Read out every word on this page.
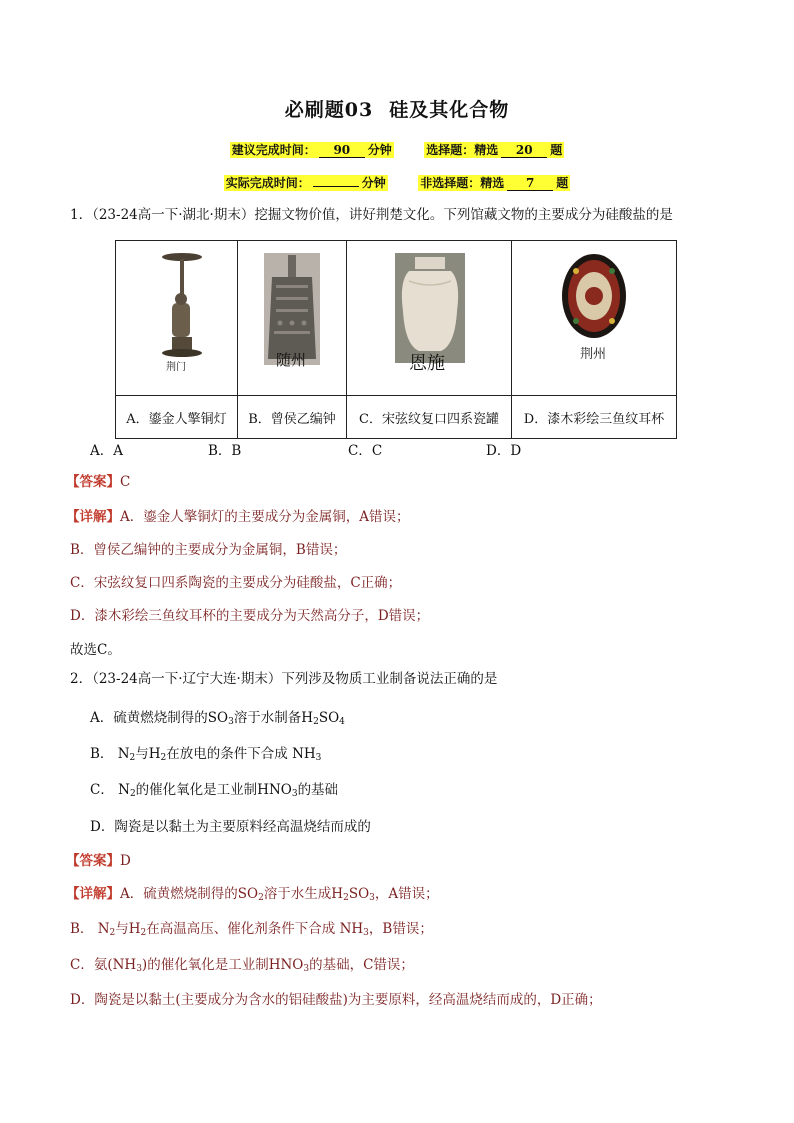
必刷题03 硅及其化合物
建议完成时间： 90 分钟	选择题：精选 20 题
实际完成时间：	分钟	非选择题：精选 7 题
1．（23-24高一下·湖北·期末）挖掘文物价值，讲好荆楚文化。下列馆藏文物的主要成分为硅酸盐的是
荆门	随州	恩施	荆州

A．鎏金人擎铜灯	B．曾侯乙编钟	C．宋弦纹复口四系瓷罐	D．漆木彩绘三鱼纹耳杯
A．A	B．B	C．C	D．D
【答案】C
【详解】A．鎏金人擎铜灯的主要成分为金属铜，A错误；
B．曾侯乙编钟的主要成分为金属铜，B错误；
C．宋弦纹复口四系陶瓷的主要成分为硅酸盐，C正确；
D．漆木彩绘三鱼纹耳杯的主要成分为天然高分子，D错误；
故选C。
2．（23-24高一下·辽宁大连·期末）下列涉及物质工业制备说法正确的是
A．硫黄燃烧制得的$SO_3$溶于水制备$H_2SO_4$
B． $N_2$与$H_2$在放电的条件下合成 $NH_3$
C． $N_2$的催化氧化是工业制$HNO_3$的基础
D．陶瓷是以黏土为主要原料经高温烧结而成的
【答案】D
【详解】A．硫黄燃烧制得的$SO_2$溶于水生成$H_2SO_3$，A错误；
B． $N_2$与$H_2$在高温高压、催化剂条件下合成 $NH_3$，B错误；
C．氨$(NH_3)$的催化氧化是工业制$HNO_3$的基础，C错误；
D．陶瓷是以黏土(主要成分为含水的铝硅酸盐)为主要原料，经高温烧结而成的，D正确；
